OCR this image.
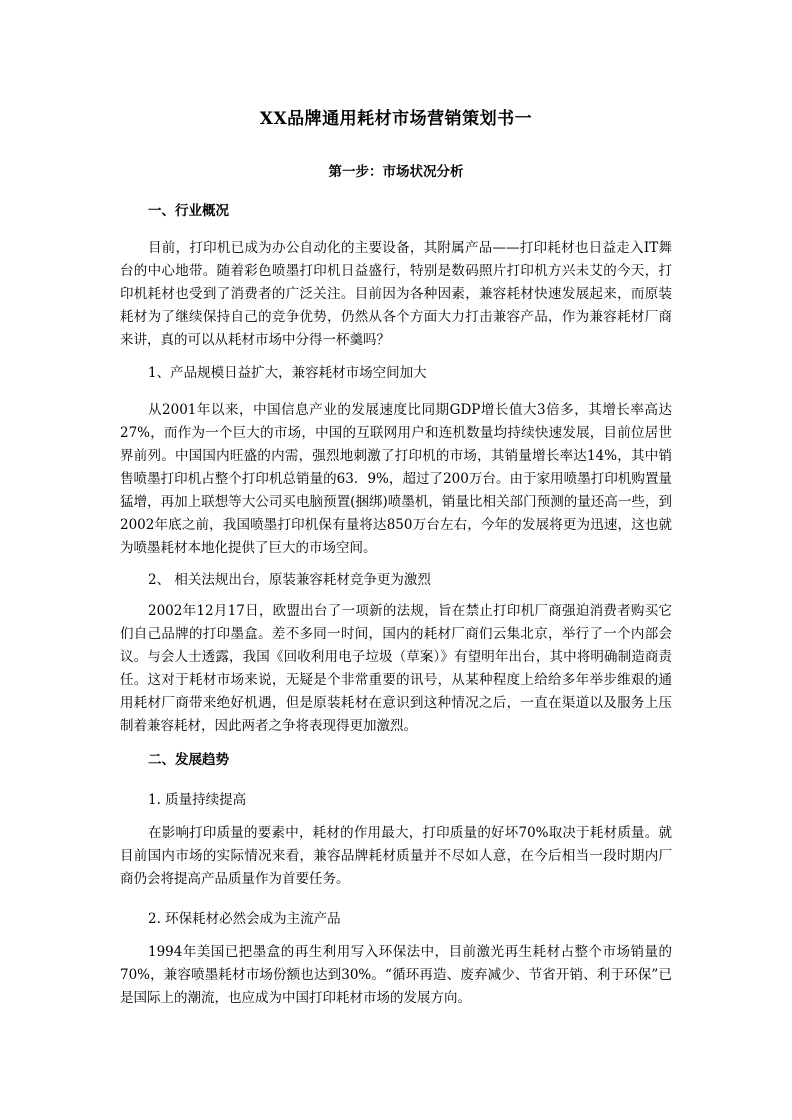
XX品牌通用耗材市场营销策划书一
第一步：市场状况分析
一、行业概况

目前，打印机已成为办公自动化的主要设备，其附属产品——打印耗材也日益走入IT舞台的中心地带。随着彩色喷墨打印机日益盛行，特别是数码照片打印机方兴未艾的今天，打印机耗材也受到了消费者的广泛关注。目前因为各种因素，兼容耗材快速发展起来，而原装耗材为了继续保持自己的竞争优势，仍然从各个方面大力打击兼容产品，作为兼容耗材厂商来讲，真的可以从耗材市场中分得一杯羹吗？

1、产品规模日益扩大，兼容耗材市场空间加大

从2001年以来，中国信息产业的发展速度比同期GDP增长值大3倍多，其增长率高达27%，而作为一个巨大的市场，中国的互联网用户和连机数量均持续快速发展，目前位居世界前列。中国国内旺盛的内需，强烈地刺激了打印机的市场，其销量增长率达14%，其中销售喷墨打印机占整个打印机总销量的63．9%，超过了200万台。由于家用喷墨打印机购置量猛增，再加上联想等大公司买电脑预置(捆绑)喷墨机，销量比相关部门预测的量还高一些，到2002年底之前，我国喷墨打印机保有量将达850万台左右，今年的发展将更为迅速，这也就为喷墨耗材本地化提供了巨大的市场空间。

2、 相关法规出台，原装兼容耗材竞争更为激烈

2002年12月17日，欧盟出台了一项新的法规，旨在禁止打印机厂商强迫消费者购买它们自己品牌的打印墨盒。差不多同一时间，国内的耗材厂商们云集北京，举行了一个内部会议。与会人士透露，我国《回收利用电子垃圾（草案）》有望明年出台，其中将明确制造商责任。这对于耗材市场来说，无疑是个非常重要的讯号，从某种程度上给给多年举步维艰的通用耗材厂商带来绝好机遇，但是原装耗材在意识到这种情况之后，一直在渠道以及服务上压制着兼容耗材，因此两者之争将表现得更加激烈。

二、发展趋势
1. 质量持续提高

在影响打印质量的要素中，耗材的作用最大，打印质量的好坏70%取决于耗材质量。就目前国内市场的实际情况来看，兼容品牌耗材质量并不尽如人意，在今后相当一段时期内厂商仍会将提高产品质量作为首要任务。

2. 环保耗材必然会成为主流产品

1994年美国已把墨盒的再生利用写入环保法中，目前激光再生耗材占整个市场销量的70%，兼容喷墨耗材市场份额也达到30%。“循环再造、废弃减少、节省开销、利于环保”已是国际上的潮流，也应成为中国打印耗材市场的发展方向。
